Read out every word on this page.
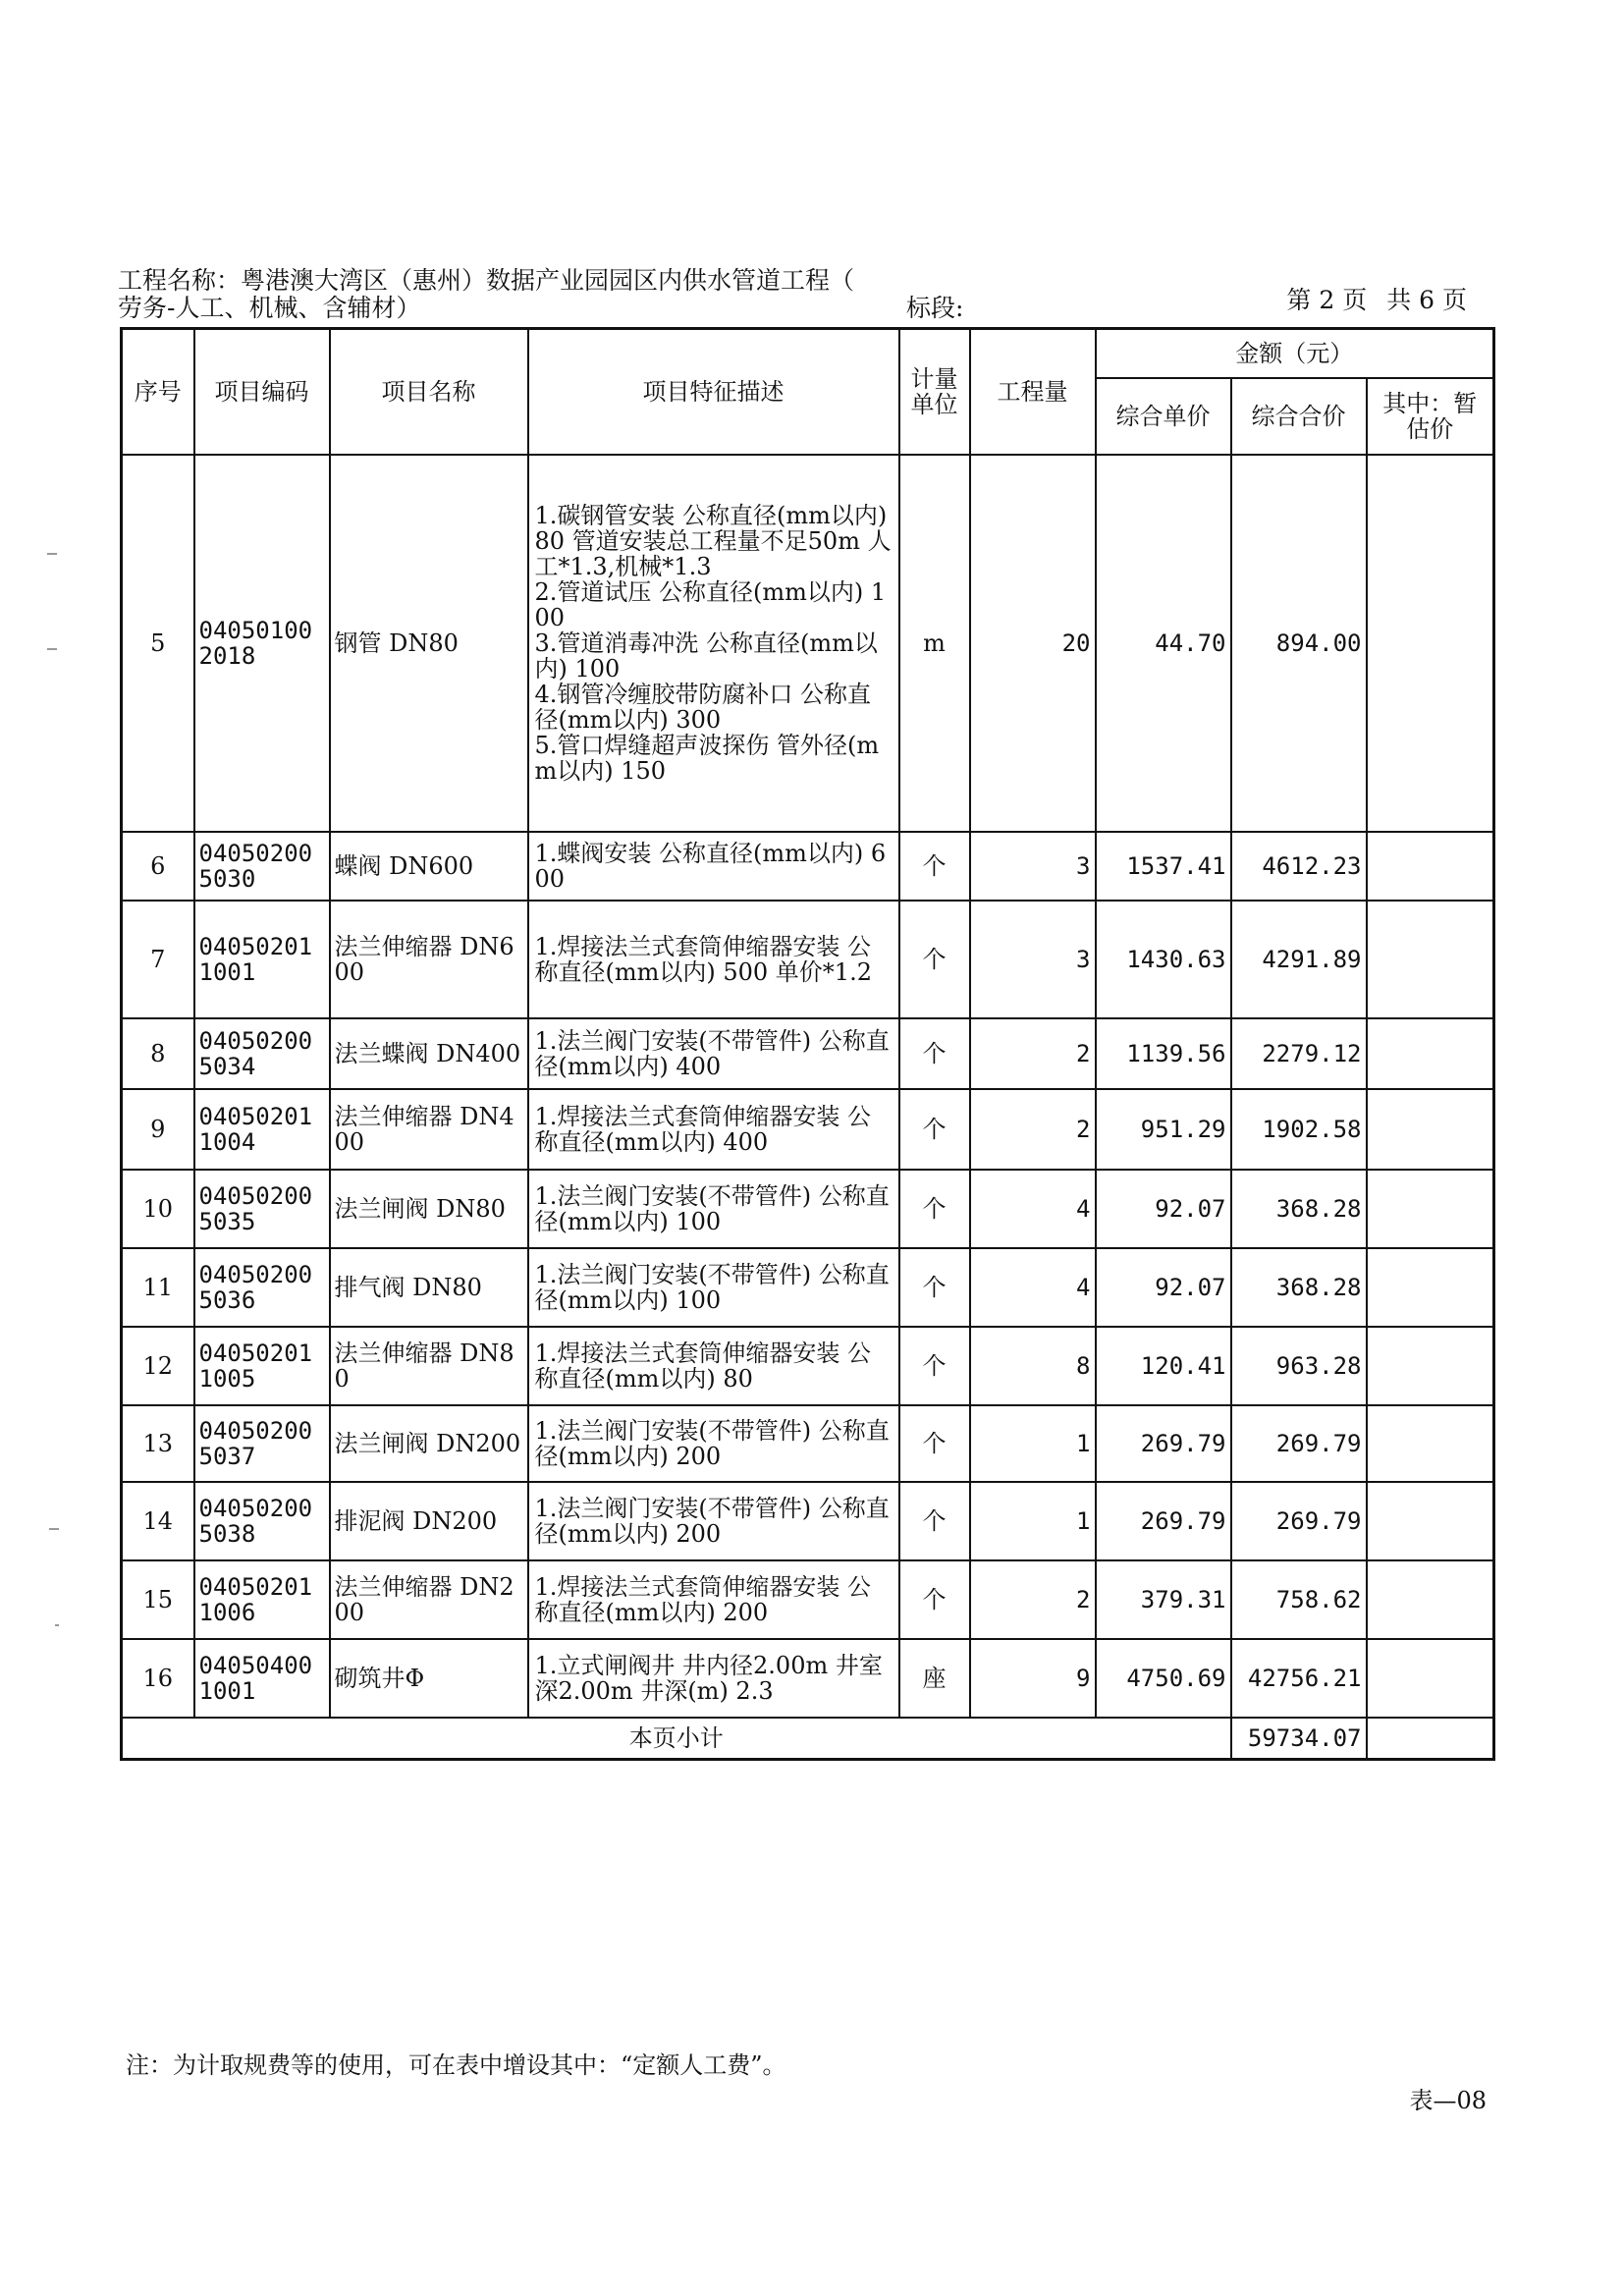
工程名称：粤港澳大湾区（惠州）数据产业园园区内供水管道工程（
劳务-人工、机械、含辅材）	标段:	第 2 页 共 6 页
序号	项目编码	项目名称	项目特征描述	计量单位	工程量	金额（元）		
						综合单价	综合合价	其中：暂估价
5	040501002018	钢管 DN80	1.碳钢管安装 公称直径(mm以内) 80 管道安装总工程量不足50m 人工*1.3,机械*1.3
2.管道试压 公称直径(mm以内) 100
3.管道消毒冲洗 公称直径(mm以内) 100
4.钢管冷缠胶带防腐补口 公称直径(mm以内) 300
5.管口焊缝超声波探伤 管外径(mm以内) 150	m	20	44.70	894.00	
6	040502005030	蝶阀 DN600	1.蝶阀安装 公称直径(mm以内) 600	个	3	1537.41	4612.23	
7	040502011001	法兰伸缩器 DN600	1.焊接法兰式套筒伸缩器安装 公称直径(mm以内) 500 单价*1.2	个	3	1430.63	4291.89	
8	040502005034	法兰蝶阀 DN400	1.法兰阀门安装(不带管件) 公称直径(mm以内) 400	个	2	1139.56	2279.12	
9	040502011004	法兰伸缩器 DN400	1.焊接法兰式套筒伸缩器安装 公称直径(mm以内) 400	个	2	951.29	1902.58	
10	040502005035	法兰闸阀 DN80	1.法兰阀门安装(不带管件) 公称直径(mm以内) 100	个	4	92.07	368.28	
11	040502005036	排气阀 DN80	1.法兰阀门安装(不带管件) 公称直径(mm以内) 100	个	4	92.07	368.28	
12	040502011005	法兰伸缩器 DN80	1.焊接法兰式套筒伸缩器安装 公称直径(mm以内) 80	个	8	120.41	963.28	
13	040502005037	法兰闸阀 DN200	1.法兰阀门安装(不带管件) 公称直径(mm以内) 200	个	1	269.79	269.79	
14	040502005038	排泥阀 DN200	1.法兰阀门安装(不带管件) 公称直径(mm以内) 200	个	1	269.79	269.79	
15	040502011006	法兰伸缩器 DN200	1.焊接法兰式套筒伸缩器安装 公称直径(mm以内) 200	个	2	379.31	758.62	
16	040504001001	砌筑井Φ	1.立式闸阀井 井内径2.00m 井室深2.00m 井深(m) 2.3	座	9	4750.69	42756.21	
本页小计							59734.07	
注：为计取规费等的使用，可在表中增设其中：“定额人工费”。
表—08
